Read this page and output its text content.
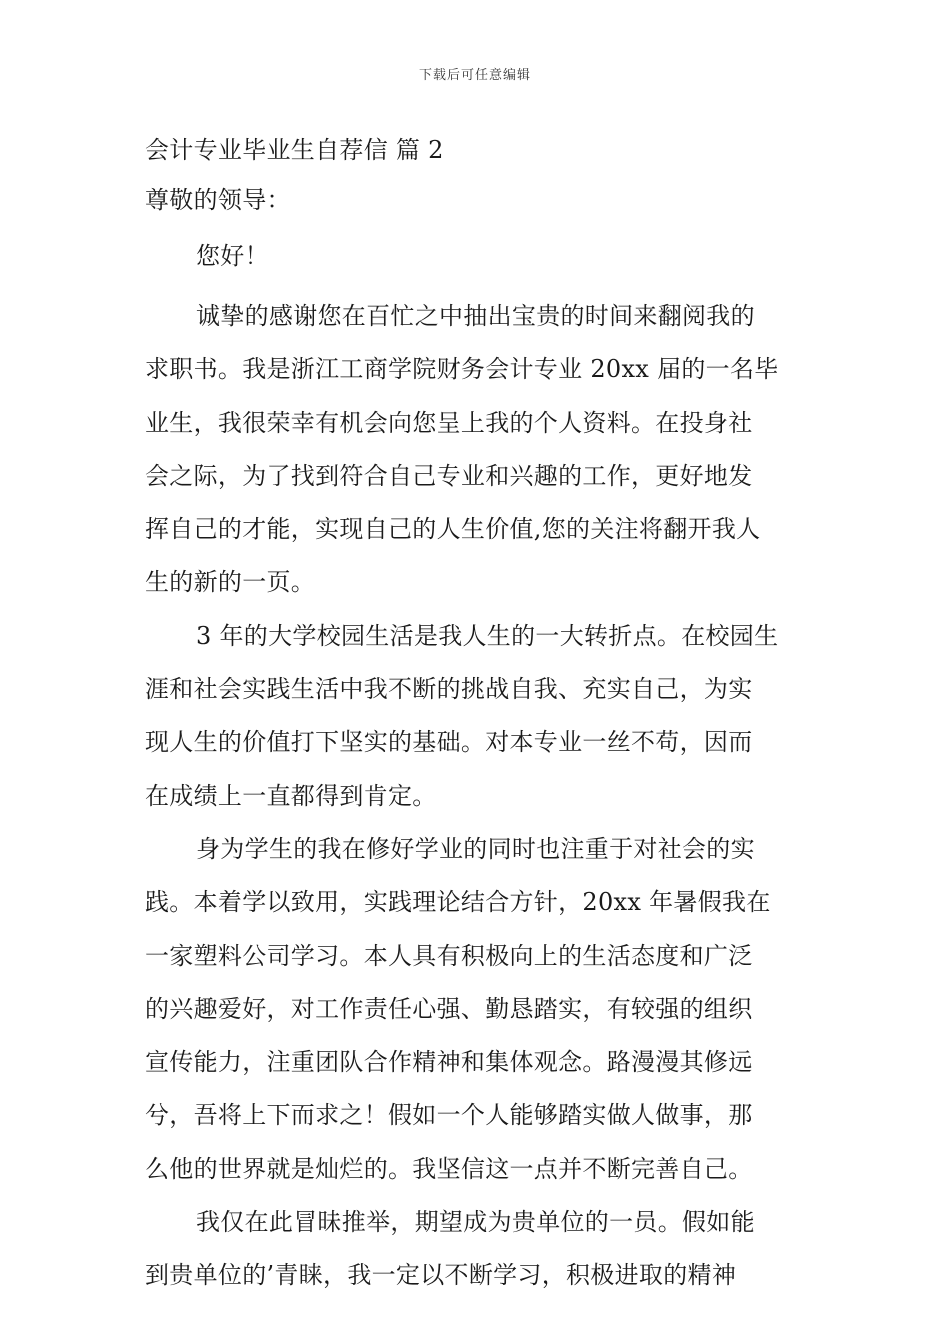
下载后可任意编辑
会计专业毕业生自荐信 篇 2
尊敬的领导：
您好！
诚挚的感谢您在百忙之中抽出宝贵的时间来翻阅我的
求职书。我是浙江工商学院财务会计专业 20xx 届的一名毕
业生，我很荣幸有机会向您呈上我的个人资料。在投身社
会之际，为了找到符合自己专业和兴趣的工作，更好地发
挥自己的才能，实现自己的人生价值,您的关注将翻开我人
生的新的一页。
3 年的大学校园生活是我人生的一大转折点。在校园生
涯和社会实践生活中我不断的挑战自我、充实自己，为实
现人生的价值打下坚实的基础。对本专业一丝不苟，因而
在成绩上一直都得到肯定。
身为学生的我在修好学业的同时也注重于对社会的实
践。本着学以致用，实践理论结合方针，20xx 年暑假我在
一家塑料公司学习。本人具有积极向上的生活态度和广泛
的兴趣爱好，对工作责任心强、勤恳踏实，有较强的组织
宣传能力，注重团队合作精神和集体观念。路漫漫其修远
兮，吾将上下而求之！假如一个人能够踏实做人做事，那
么他的世界就是灿烂的。我坚信这一点并不断完善自己。
我仅在此冒昧推举，期望成为贵单位的一员。假如能
到贵单位的’青睐，我一定以不断学习，积极进取的精神
